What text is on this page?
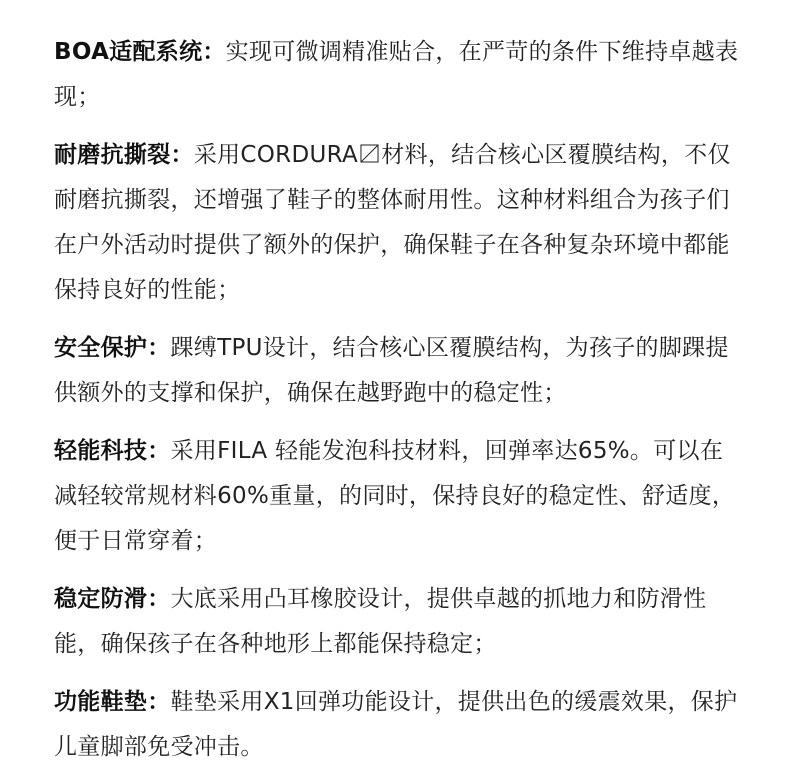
BOA适配系统：实现可微调精准贴合，在严苛的条件下维持卓越表现；

耐磨抗撕裂：采用CORDURA〼材料，结合核心区覆膜结构，不仅耐磨抗撕裂，还增强了鞋子的整体耐用性。这种材料组合为孩子们在户外活动时提供了额外的保护，确保鞋子在各种复杂环境中都能保持良好的性能；

安全保护：踝缚TPU设计，结合核心区覆膜结构，为孩子的脚踝提供额外的支撑和保护，确保在越野跑中的稳定性；

轻能科技：采用FILA 轻能发泡科技材料，回弹率达65%。可以在减轻较常规材料60%重量，的同时，保持良好的稳定性、舒适度，便于日常穿着；

稳定防滑：大底采用凸耳橡胶设计，提供卓越的抓地力和防滑性能，确保孩子在各种地形上都能保持稳定；

功能鞋垫：鞋垫采用X1回弹功能设计，提供出色的缓震效果，保护儿童脚部免受冲击。
